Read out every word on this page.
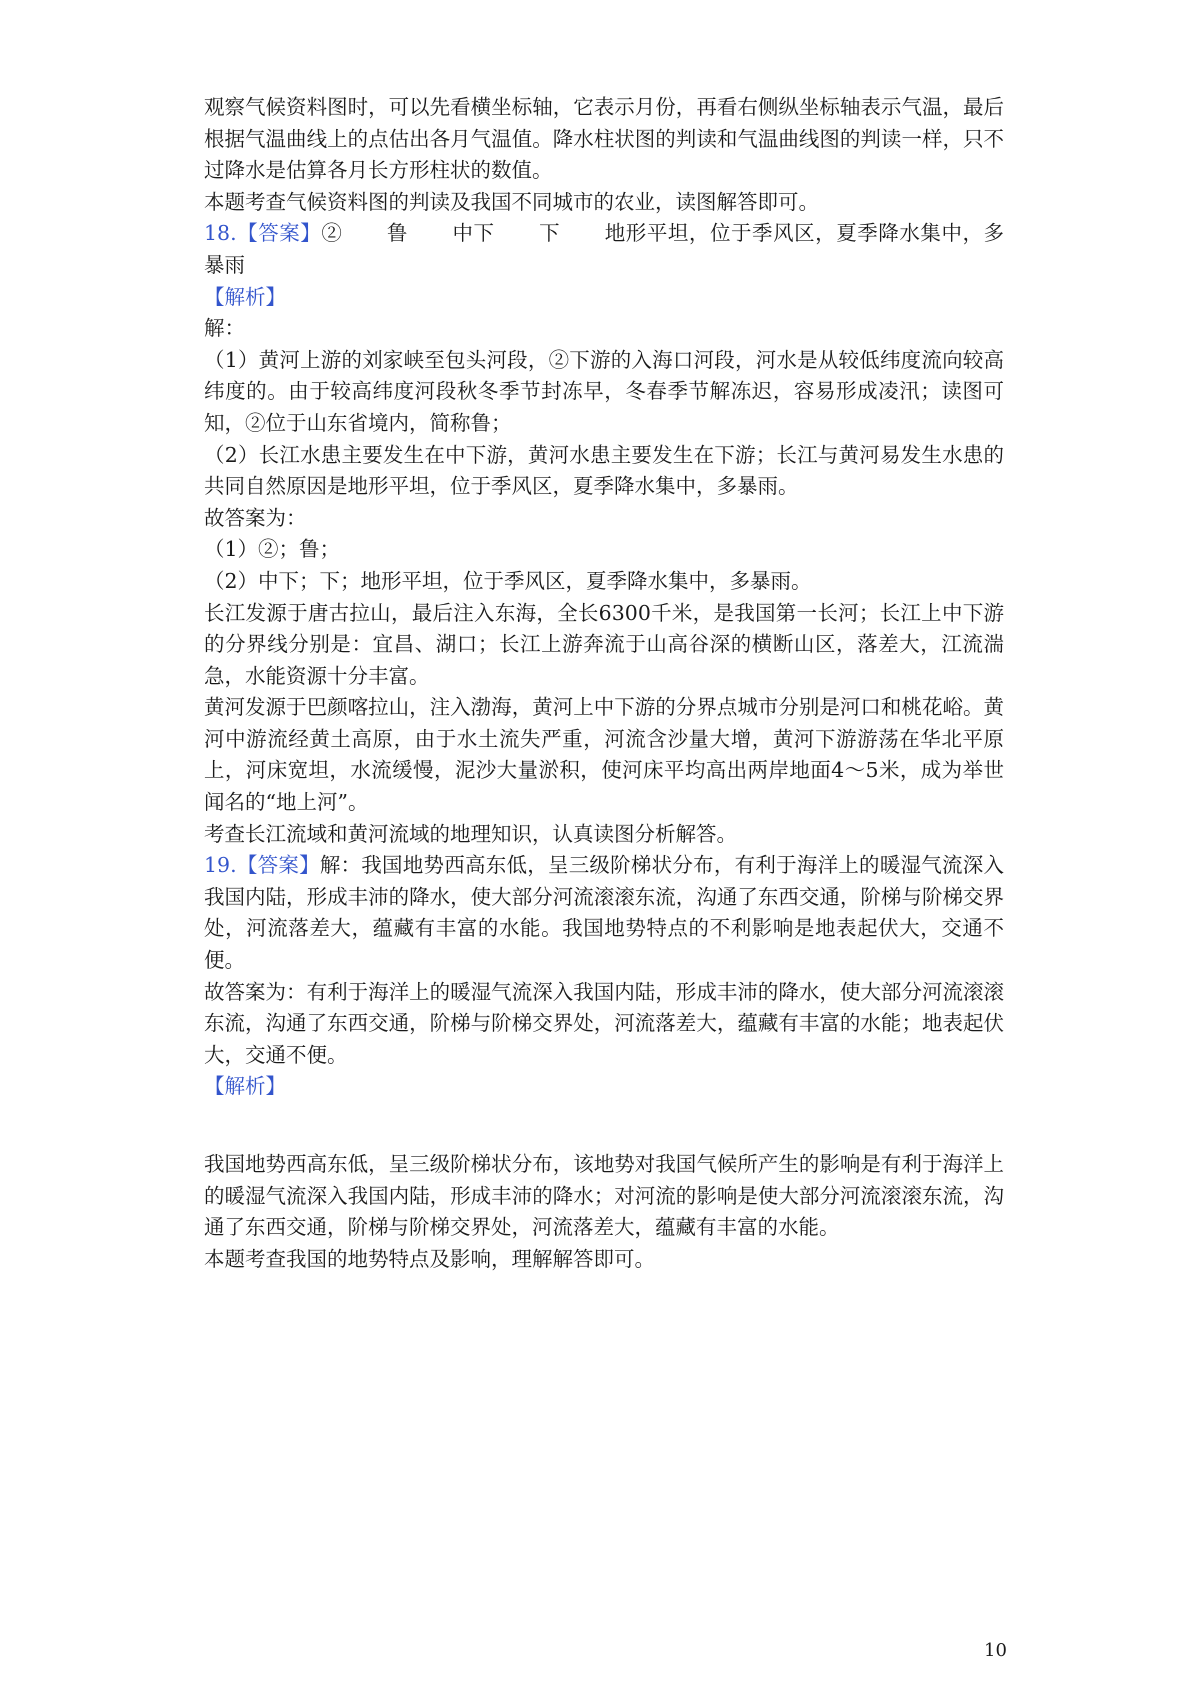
观察气候资料图时，可以先看横坐标轴，它表示月份，再看右侧纵坐标轴表示气温，最后根据气温曲线上的点估出各月气温值。降水柱状图的判读和气温曲线图的判读一样，只不过降水是估算各月长方形柱状的数值。

本题考查气候资料图的判读及我国不同城市的农业，读图解答即可。

18.【答案】② 鲁 中下 下 地形平坦，位于季风区，夏季降水集中，多暴雨

【解析】

解：

（1）黄河上游的刘家峡至包头河段，②下游的入海口河段，河水是从较低纬度流向较高纬度的。由于较高纬度河段秋冬季节封冻早，冬春季节解冻迟，容易形成凌汛；读图可知，②位于山东省境内，简称鲁；

（2）长江水患主要发生在中下游，黄河水患主要发生在下游；长江与黄河易发生水患的共同自然原因是地形平坦，位于季风区，夏季降水集中，多暴雨。

故答案为：

（1）②；鲁；

（2）中下；下；地形平坦，位于季风区，夏季降水集中，多暴雨。

长江发源于唐古拉山，最后注入东海，全长6300千米，是我国第一长河；长江上中下游的分界线分别是：宜昌、湖口；长江上游奔流于山高谷深的横断山区，落差大，江流湍急，水能资源十分丰富。

黄河发源于巴颜喀拉山，注入渤海，黄河上中下游的分界点城市分别是河口和桃花峪。黄河中游流经黄土高原，由于水土流失严重，河流含沙量大增，黄河下游游荡在华北平原上，河床宽坦，水流缓慢，泥沙大量淤积，使河床平均高出两岸地面4～5米，成为举世闻名的“地上河”。

考查长江流域和黄河流域的地理知识，认真读图分析解答。

19.【答案】解：我国地势西高东低，呈三级阶梯状分布，有利于海洋上的暖湿气流深入我国内陆，形成丰沛的降水，使大部分河流滚滚东流，沟通了东西交通，阶梯与阶梯交界处，河流落差大，蕴藏有丰富的水能。我国地势特点的不利影响是地表起伏大，交通不便。

故答案为：有利于海洋上的暖湿气流深入我国内陆，形成丰沛的降水，使大部分河流滚滚东流，沟通了东西交通，阶梯与阶梯交界处，河流落差大，蕴藏有丰富的水能；地表起伏大，交通不便。

【解析】

我国地势西高东低，呈三级阶梯状分布，该地势对我国气候所产生的影响是有利于海洋上的暖湿气流深入我国内陆，形成丰沛的降水；对河流的影响是使大部分河流滚滚东流，沟通了东西交通，阶梯与阶梯交界处，河流落差大，蕴藏有丰富的水能。

本题考查我国的地势特点及影响，理解解答即可。

10
